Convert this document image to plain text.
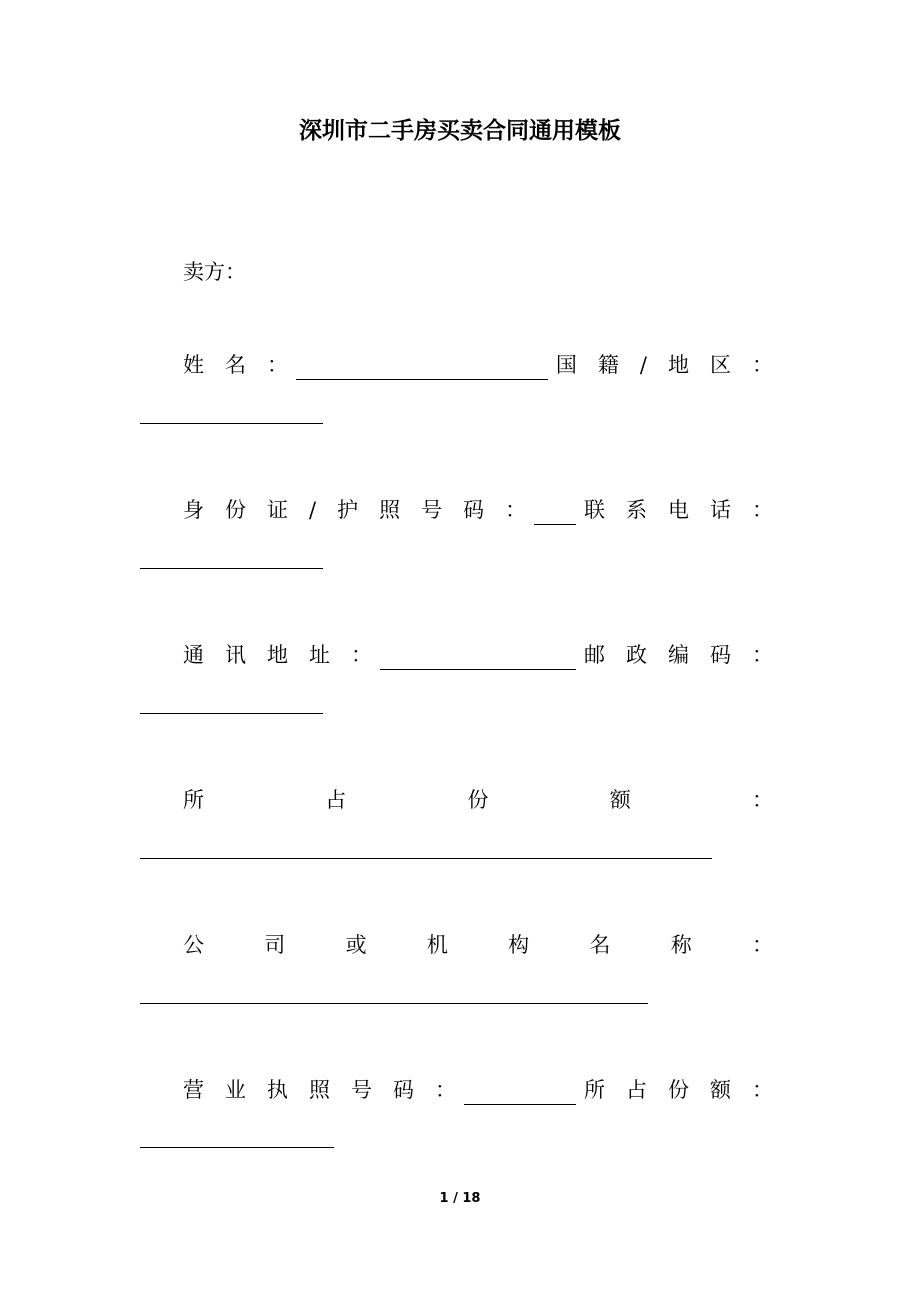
深圳市二手房买卖合同通用模板
卖方：
姓　名　：	国　籍　/　地　区　：
身　份　证　/　护　照　号　码　：	联　系　电　话　：
通　讯　地　址　：	邮　政　编　码　：
所	占	份	额	：
公	司	或	机	构	名	称	：
营　业　执　照　号　码　：	所　占　份　额　：
1 / 18
